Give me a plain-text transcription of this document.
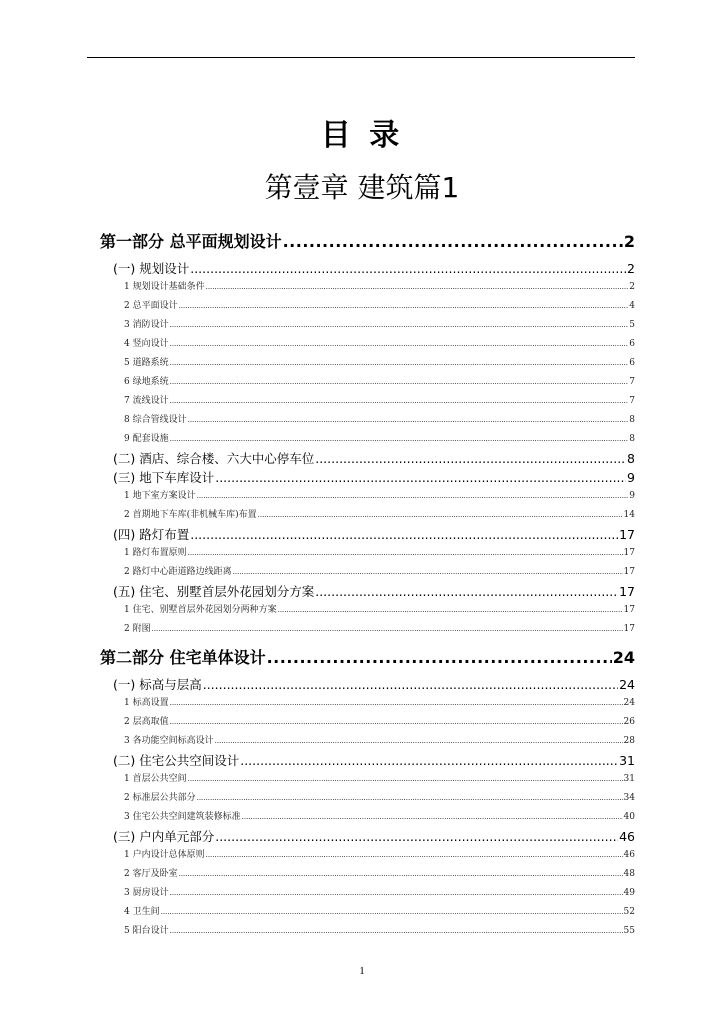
目 录
第壹章 建筑篇1
第一部分 总平面规划设计 .....	2
(一) 规划设计 .....	2
1 规划设计基础条件 .....	2
2 总平面设计 .....	4
3 消防设计 .....	5
4 竖向设计 .....	6
5 道路系统 .....	6
6 绿地系统 .....	7
7 流线设计 .....	7
8 综合管线设计 .....	8
9 配套设施 .....	8
(二) 酒店、综合楼、六大中心停车位 .....	8
(三) 地下车库设计 .....	9
1 地下室方案设计 .....	9
2 首期地下车库(非机械车库)布置 .....	14
(四) 路灯布置 .....	17
1 路灯布置原则 .....	17
2 路灯中心距道路边线距离 .....	17
(五) 住宅、别墅首层外花园划分方案 .....	17
1 住宅、别墅首层外花园划分两种方案 .....	17
2 附图 .....	17
第二部分 住宅单体设计 .....	24
(一) 标高与层高 .....	24
1 标高设置 .....	24
2 层高取值 .....	26
3 各功能空间标高设计 .....	28
(二) 住宅公共空间设计 .....	31
1 首层公共空间 .....	31
2 标准层公共部分 .....	34
3 住宅公共空间建筑装修标准 .....	40
(三) 户内单元部分 .....	46
1 户内设计总体原则 .....	46
2 客厅及卧室 .....	48
3 厨房设计 .....	49
4 卫生间 .....	52
5 阳台设计 .....	55
1
